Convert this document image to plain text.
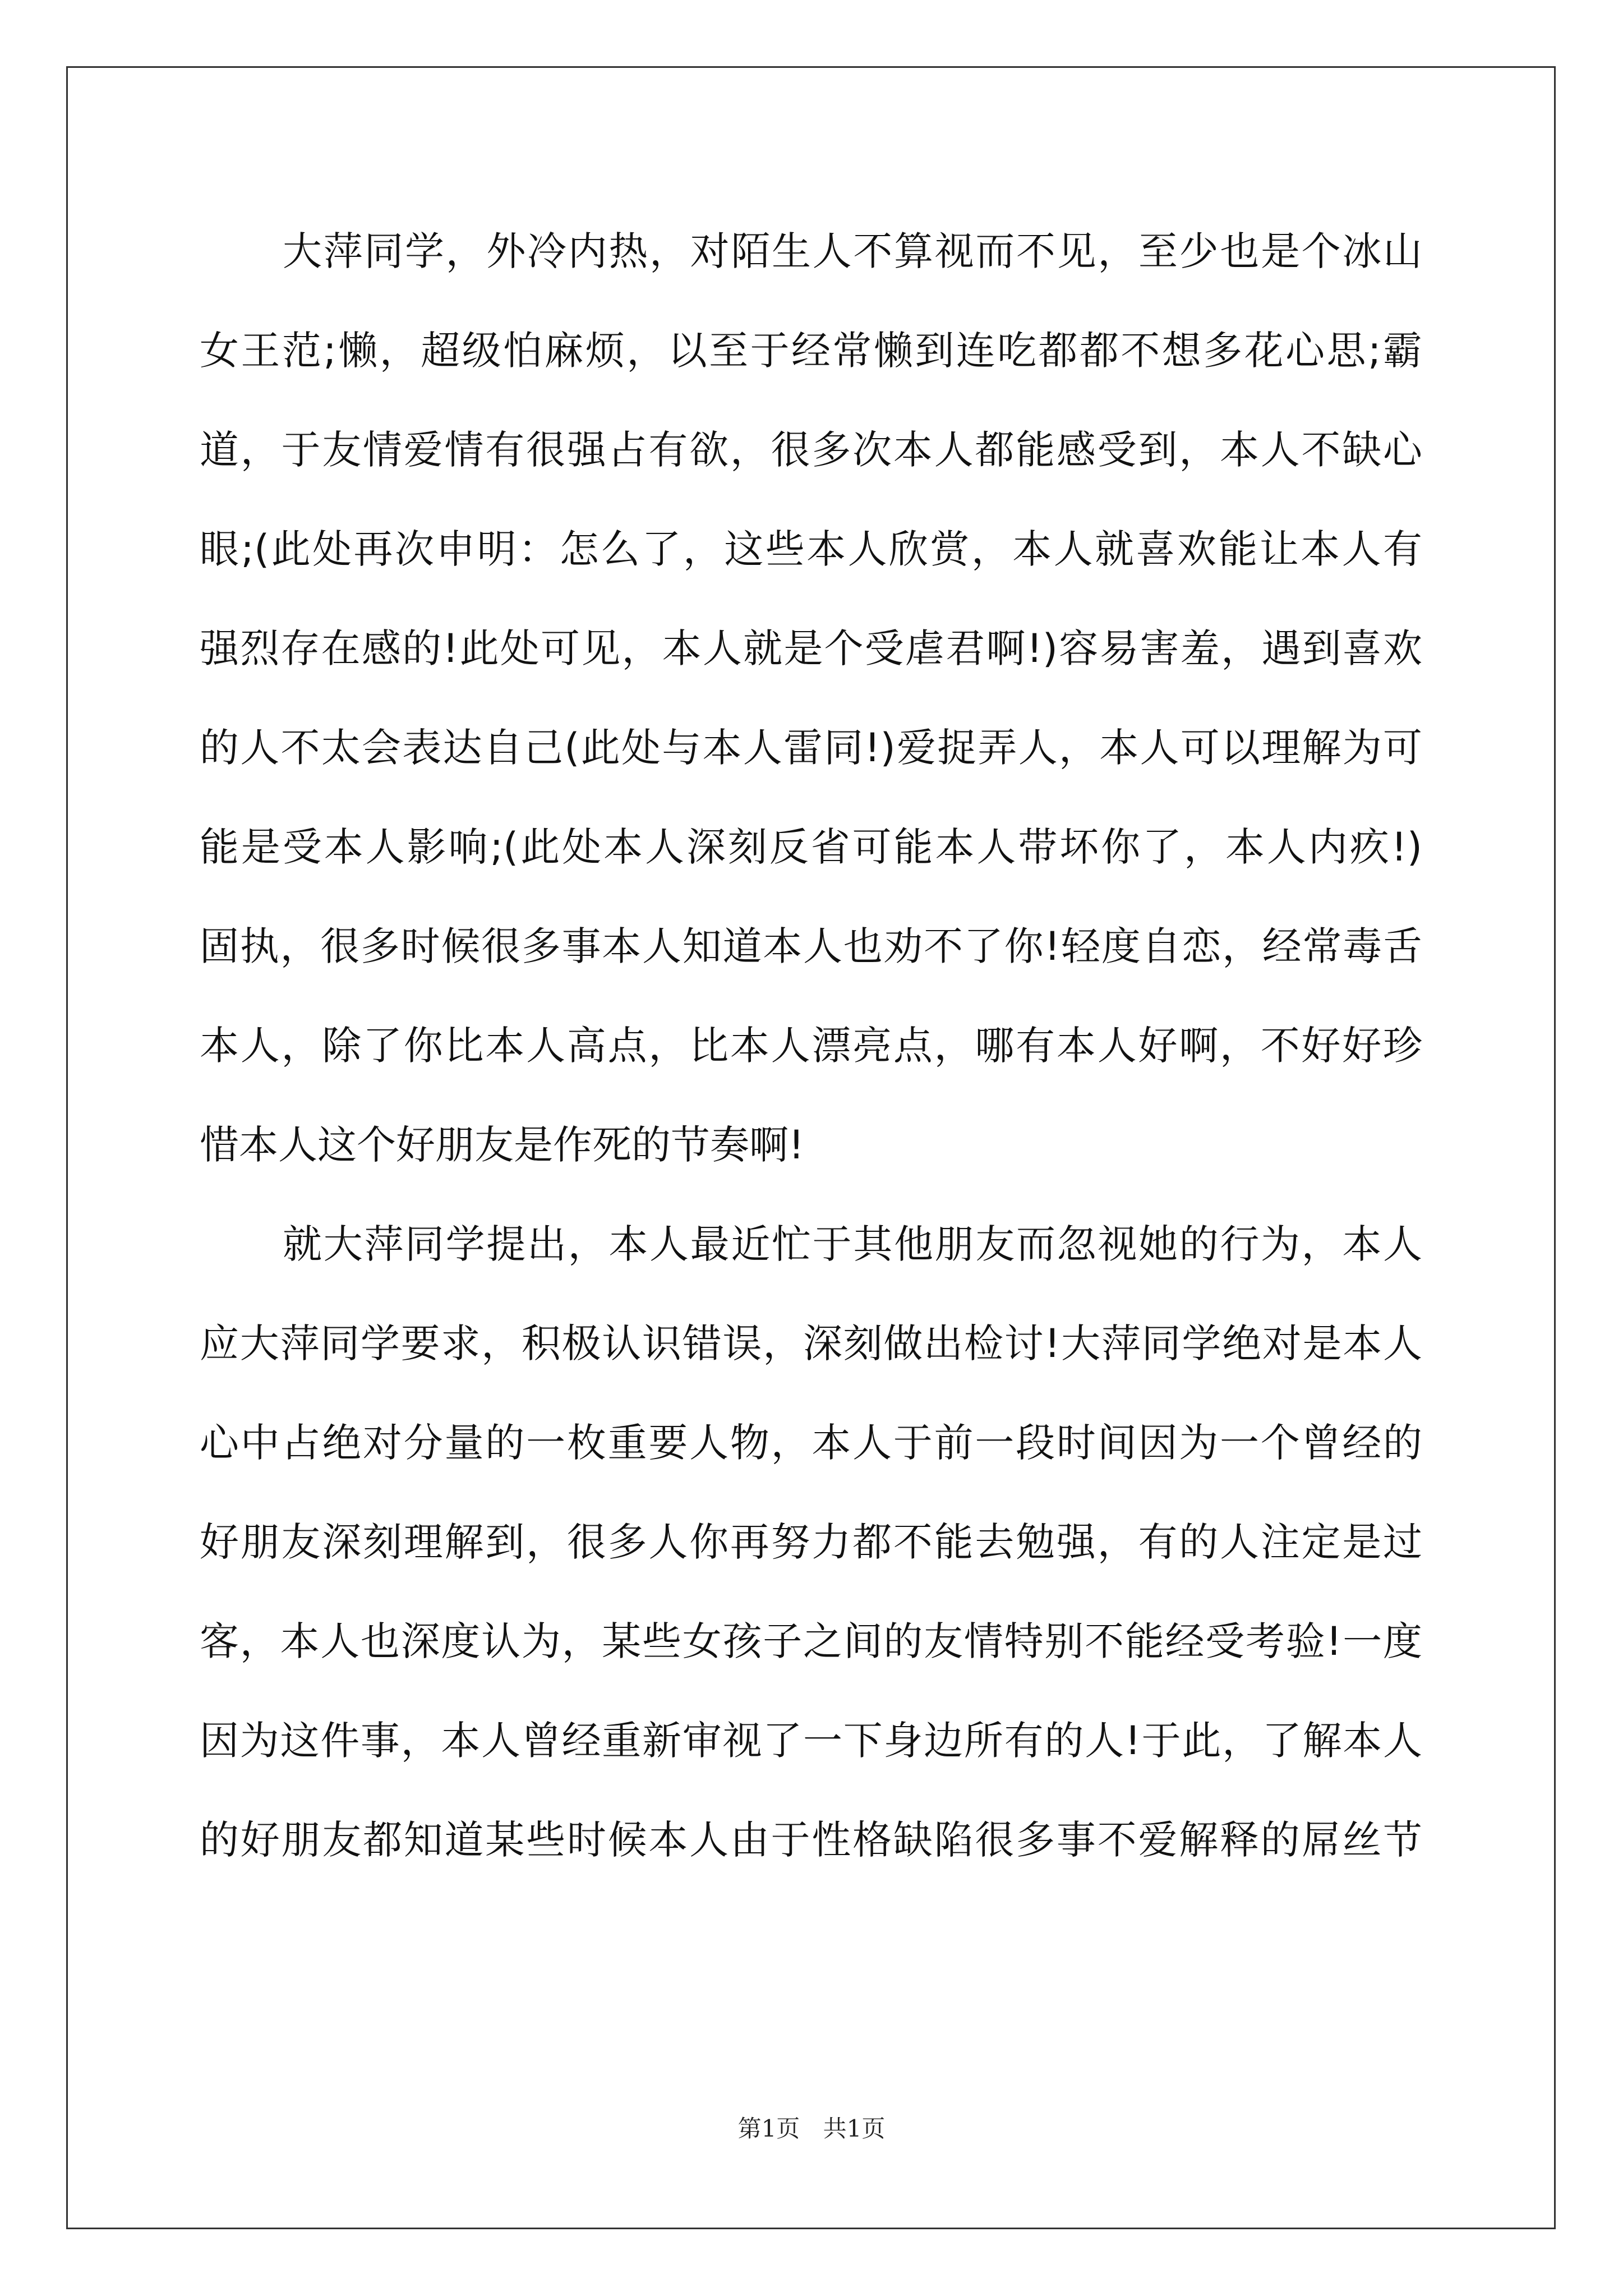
大萍同学，外冷内热，对陌生人不算视而不见，至少也是个冰山
女王范;懒，超级怕麻烦，以至于经常懒到连吃都都不想多花心思;霸
道，于友情爱情有很强占有欲，很多次本人都能感受到，本人不缺心
眼;(此处再次申明：怎么了，这些本人欣赏，本人就喜欢能让本人有
强烈存在感的!此处可见，本人就是个受虐君啊!)容易害羞，遇到喜欢
的人不太会表达自己(此处与本人雷同!)爱捉弄人，本人可以理解为可
能是受本人影响;(此处本人深刻反省可能本人带坏你了，本人内疚!)
固执，很多时候很多事本人知道本人也劝不了你!轻度自恋，经常毒舌
本人，除了你比本人高点，比本人漂亮点，哪有本人好啊，不好好珍
惜本人这个好朋友是作死的节奏啊!
就大萍同学提出，本人最近忙于其他朋友而忽视她的行为，本人
应大萍同学要求，积极认识错误，深刻做出检讨!大萍同学绝对是本人
心中占绝对分量的一枚重要人物，本人于前一段时间因为一个曾经的
好朋友深刻理解到，很多人你再努力都不能去勉强，有的人注定是过
客，本人也深度认为，某些女孩子之间的友情特别不能经受考验!一度
因为这件事，本人曾经重新审视了一下身边所有的人!于此，了解本人
的好朋友都知道某些时候本人由于性格缺陷很多事不爱解释的屌丝节
第1页 共1页
